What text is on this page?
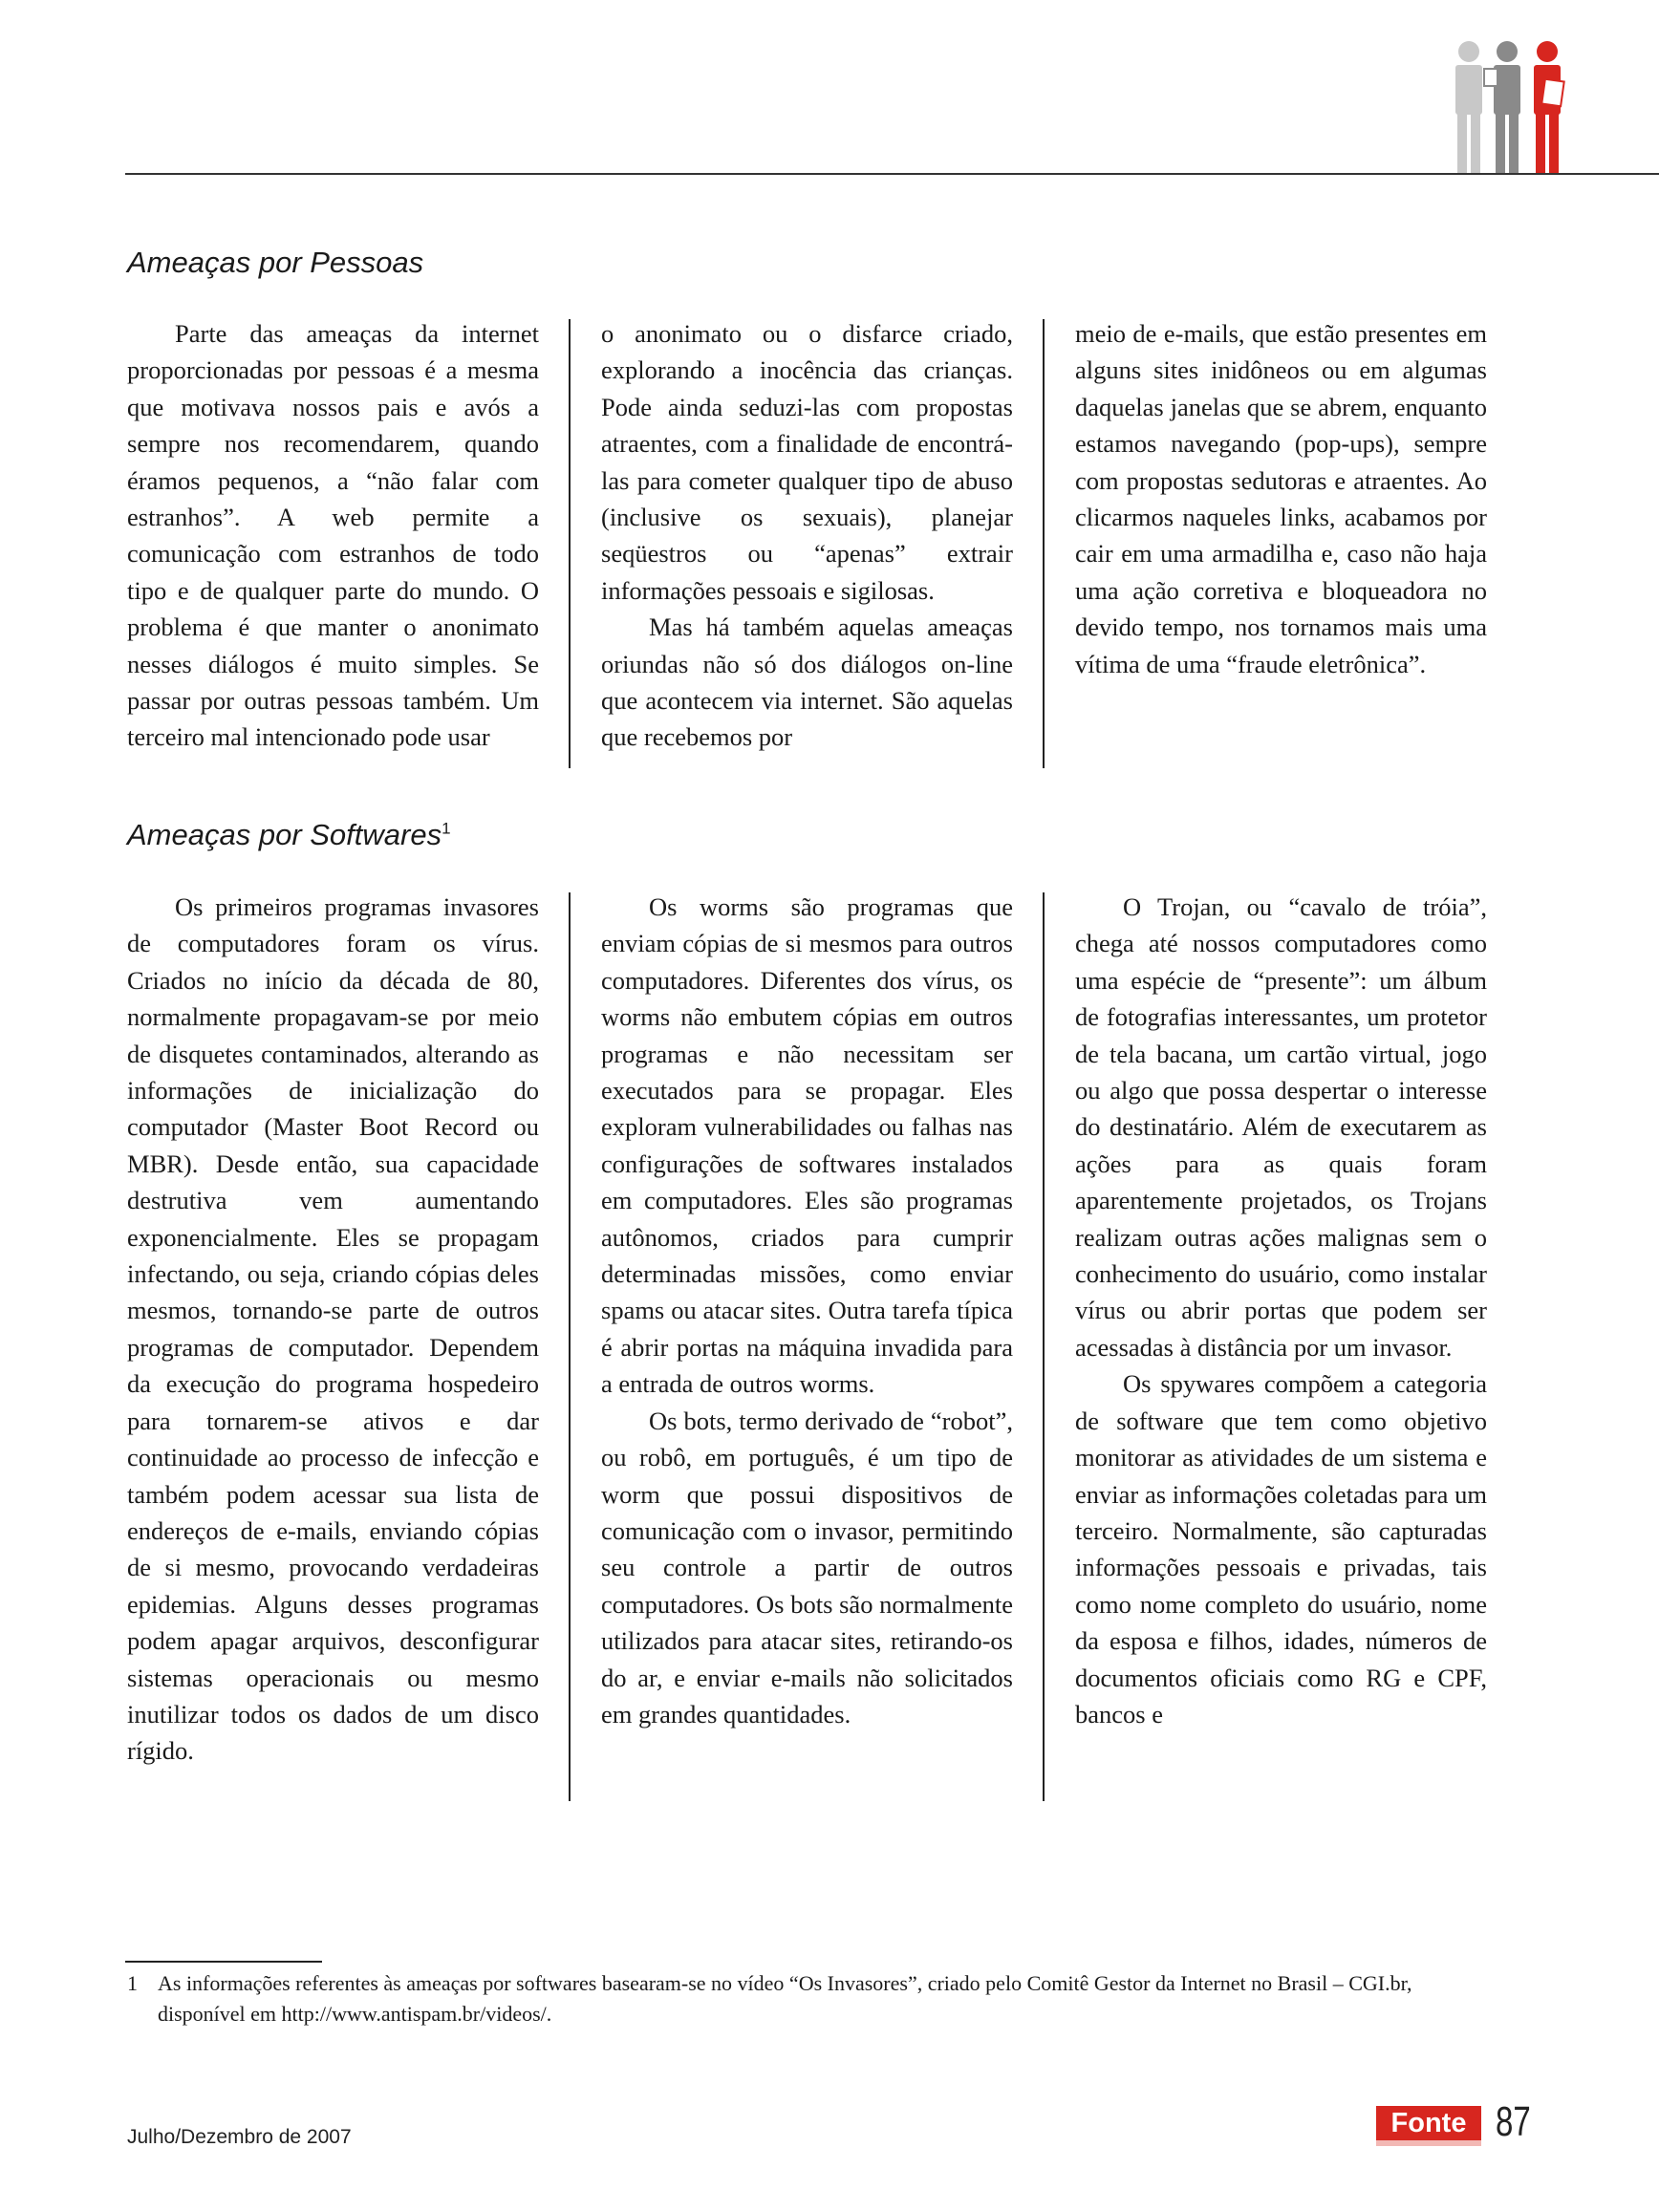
Ameaças por Pessoas

Parte das ameaças da internet proporcionadas por pessoas é a mesma que motivava nossos pais e avós a sempre nos recomendarem, quando éramos pequenos, a “não falar com estranhos”. A web permite a comunicação com estranhos de todo tipo e de qualquer parte do mundo. O problema é que manter o anonimato nesses diálogos é muito simples. Se passar por outras pessoas também. Um terceiro mal intencionado pode usar

o anonimato ou o disfarce criado, explorando a inocência das crianças. Pode ainda seduzi-las com propostas atraentes, com a finalidade de encontrá-las para cometer qualquer tipo de abuso (inclusive os sexuais), planejar seqüestros ou “apenas” extrair informações pessoais e sigilosas.

Mas há também aquelas ameaças oriundas não só dos diálogos on-line que acontecem via internet. São aquelas que recebemos por

meio de e-mails, que estão presentes em alguns sites inidôneos ou em algumas daquelas janelas que se abrem, enquanto estamos navegando (pop-ups), sempre com propostas sedutoras e atraentes. Ao clicarmos naqueles links, acabamos por cair em uma armadilha e, caso não haja uma ação corretiva e bloqueadora no devido tempo, nos tornamos mais uma vítima de uma “fraude eletrônica”.

Ameaças por Softwares$^1$

Os primeiros programas invasores de computadores foram os vírus. Criados no início da década de 80, normalmente propagavam-se por meio de disquetes contaminados, alterando as informações de inicialização do computador (Master Boot Record ou MBR). Desde então, sua capacidade destrutiva vem aumentando exponencialmente. Eles se propagam infectando, ou seja, criando cópias deles mesmos, tornando-se parte de outros programas de computador. Dependem da execução do programa hospedeiro para tornarem-se ativos e dar continuidade ao processo de infecção e também podem acessar sua lista de endereços de e-mails, enviando cópias de si mesmo, provocando verdadeiras epidemias. Alguns desses programas podem apagar arquivos, desconfigurar sistemas operacionais ou mesmo inutilizar todos os dados de um disco rígido.

Os worms são programas que enviam cópias de si mesmos para outros computadores. Diferentes dos vírus, os worms não embutem cópias em outros programas e não necessitam ser executados para se propagar. Eles exploram vulnerabilidades ou falhas nas configurações de softwares instalados em computadores. Eles são programas autônomos, criados para cumprir determinadas missões, como enviar spams ou atacar sites. Outra tarefa típica é abrir portas na máquina invadida para a entrada de outros worms.

Os bots, termo derivado de “robot”, ou robô, em português, é um tipo de worm que possui dispositivos de comunicação com o invasor, permitindo seu controle a partir de outros computadores. Os bots são normalmente utilizados para atacar sites, retirando-os do ar, e enviar e-mails não solicitados em grandes quantidades.

O Trojan, ou “cavalo de tróia”, chega até nossos computadores como uma espécie de “presente”: um álbum de fotografias interessantes, um protetor de tela bacana, um cartão virtual, jogo ou algo que possa despertar o interesse do destinatário. Além de executarem as ações para as quais foram aparentemente projetados, os Trojans realizam outras ações malignas sem o conhecimento do usuário, como instalar vírus ou abrir portas que podem ser acessadas à distância por um invasor.

Os spywares compõem a categoria de software que tem como objetivo monitorar as atividades de um sistema e enviar as informações coletadas para um terceiro. Normalmente, são capturadas informações pessoais e privadas, tais como nome completo do usuário, nome da esposa e filhos, idades, números de documentos oficiais como RG e CPF, bancos e

1 As informações referentes às ameaças por softwares basearam-se no vídeo “Os Invasores”, criado pelo Comitê Gestor da Internet no Brasil – CGI.br, disponível em http://www.antispam.br/videos/.
Julho/Dezembro de 2007	Fonte 87
